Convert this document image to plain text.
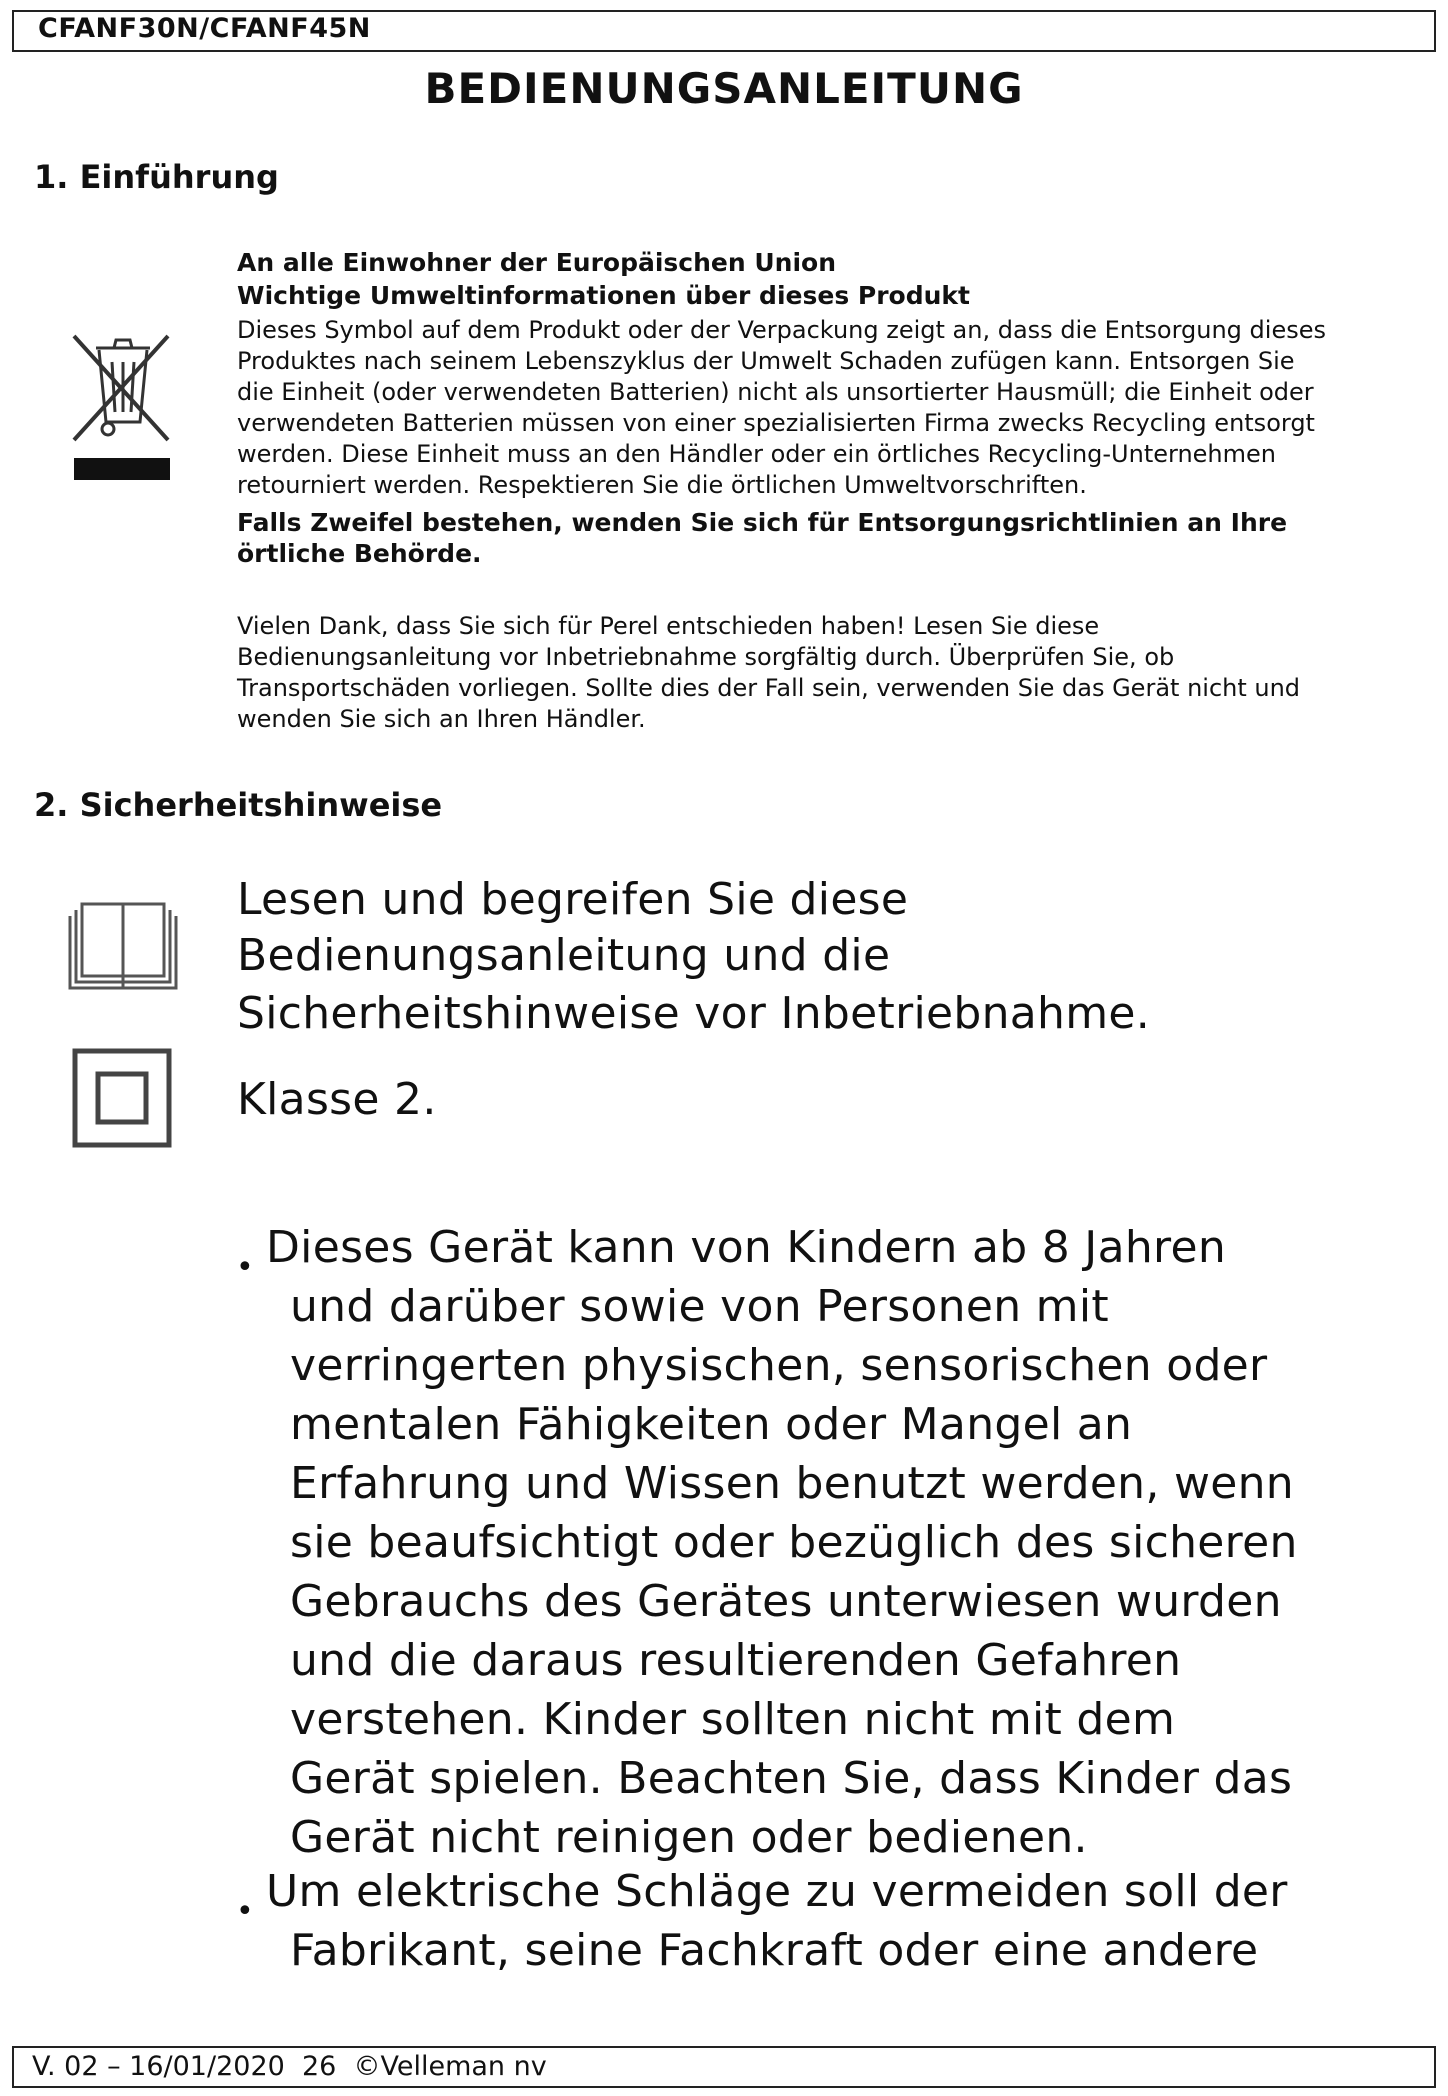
CFANF30N/CFANF45N
BEDIENUNGSANLEITUNG
1. Einführung
An alle Einwohner der Europäischen Union
Wichtige Umweltinformationen über dieses Produkt
Dieses Symbol auf dem Produkt oder der Verpackung zeigt an, dass die Entsorgung dieses
Produktes nach seinem Lebenszyklus der Umwelt Schaden zufügen kann. Entsorgen Sie
die Einheit (oder verwendeten Batterien) nicht als unsortierter Hausmüll; die Einheit oder
verwendeten Batterien müssen von einer spezialisierten Firma zwecks Recycling entsorgt
werden. Diese Einheit muss an den Händler oder ein örtliches Recycling-Unternehmen
retourniert werden. Respektieren Sie die örtlichen Umweltvorschriften.
Falls Zweifel bestehen, wenden Sie sich für Entsorgungsrichtlinien an Ihre
örtliche Behörde.
Vielen Dank, dass Sie sich für Perel entschieden haben! Lesen Sie diese
Bedienungsanleitung vor Inbetriebnahme sorgfältig durch. Überprüfen Sie, ob
Transportschäden vorliegen. Sollte dies der Fall sein, verwenden Sie das Gerät nicht und
wenden Sie sich an Ihren Händler.
2. Sicherheitshinweise
Lesen und begreifen Sie diese
Bedienungsanleitung und die
Sicherheitshinweise vor Inbetriebnahme.
Klasse 2.
• Dieses Gerät kann von Kindern ab 8 Jahren
und darüber sowie von Personen mit
verringerten physischen, sensorischen oder
mentalen Fähigkeiten oder Mangel an
Erfahrung und Wissen benutzt werden, wenn
sie beaufsichtigt oder bezüglich des sicheren
Gebrauchs des Gerätes unterwiesen wurden
und die daraus resultierenden Gefahren
verstehen. Kinder sollten nicht mit dem
Gerät spielen. Beachten Sie, dass Kinder das
Gerät nicht reinigen oder bedienen.
• Um elektrische Schläge zu vermeiden soll der
Fabrikant, seine Fachkraft oder eine andere
V. 02 – 16/01/2020  26  ©Velleman nv
